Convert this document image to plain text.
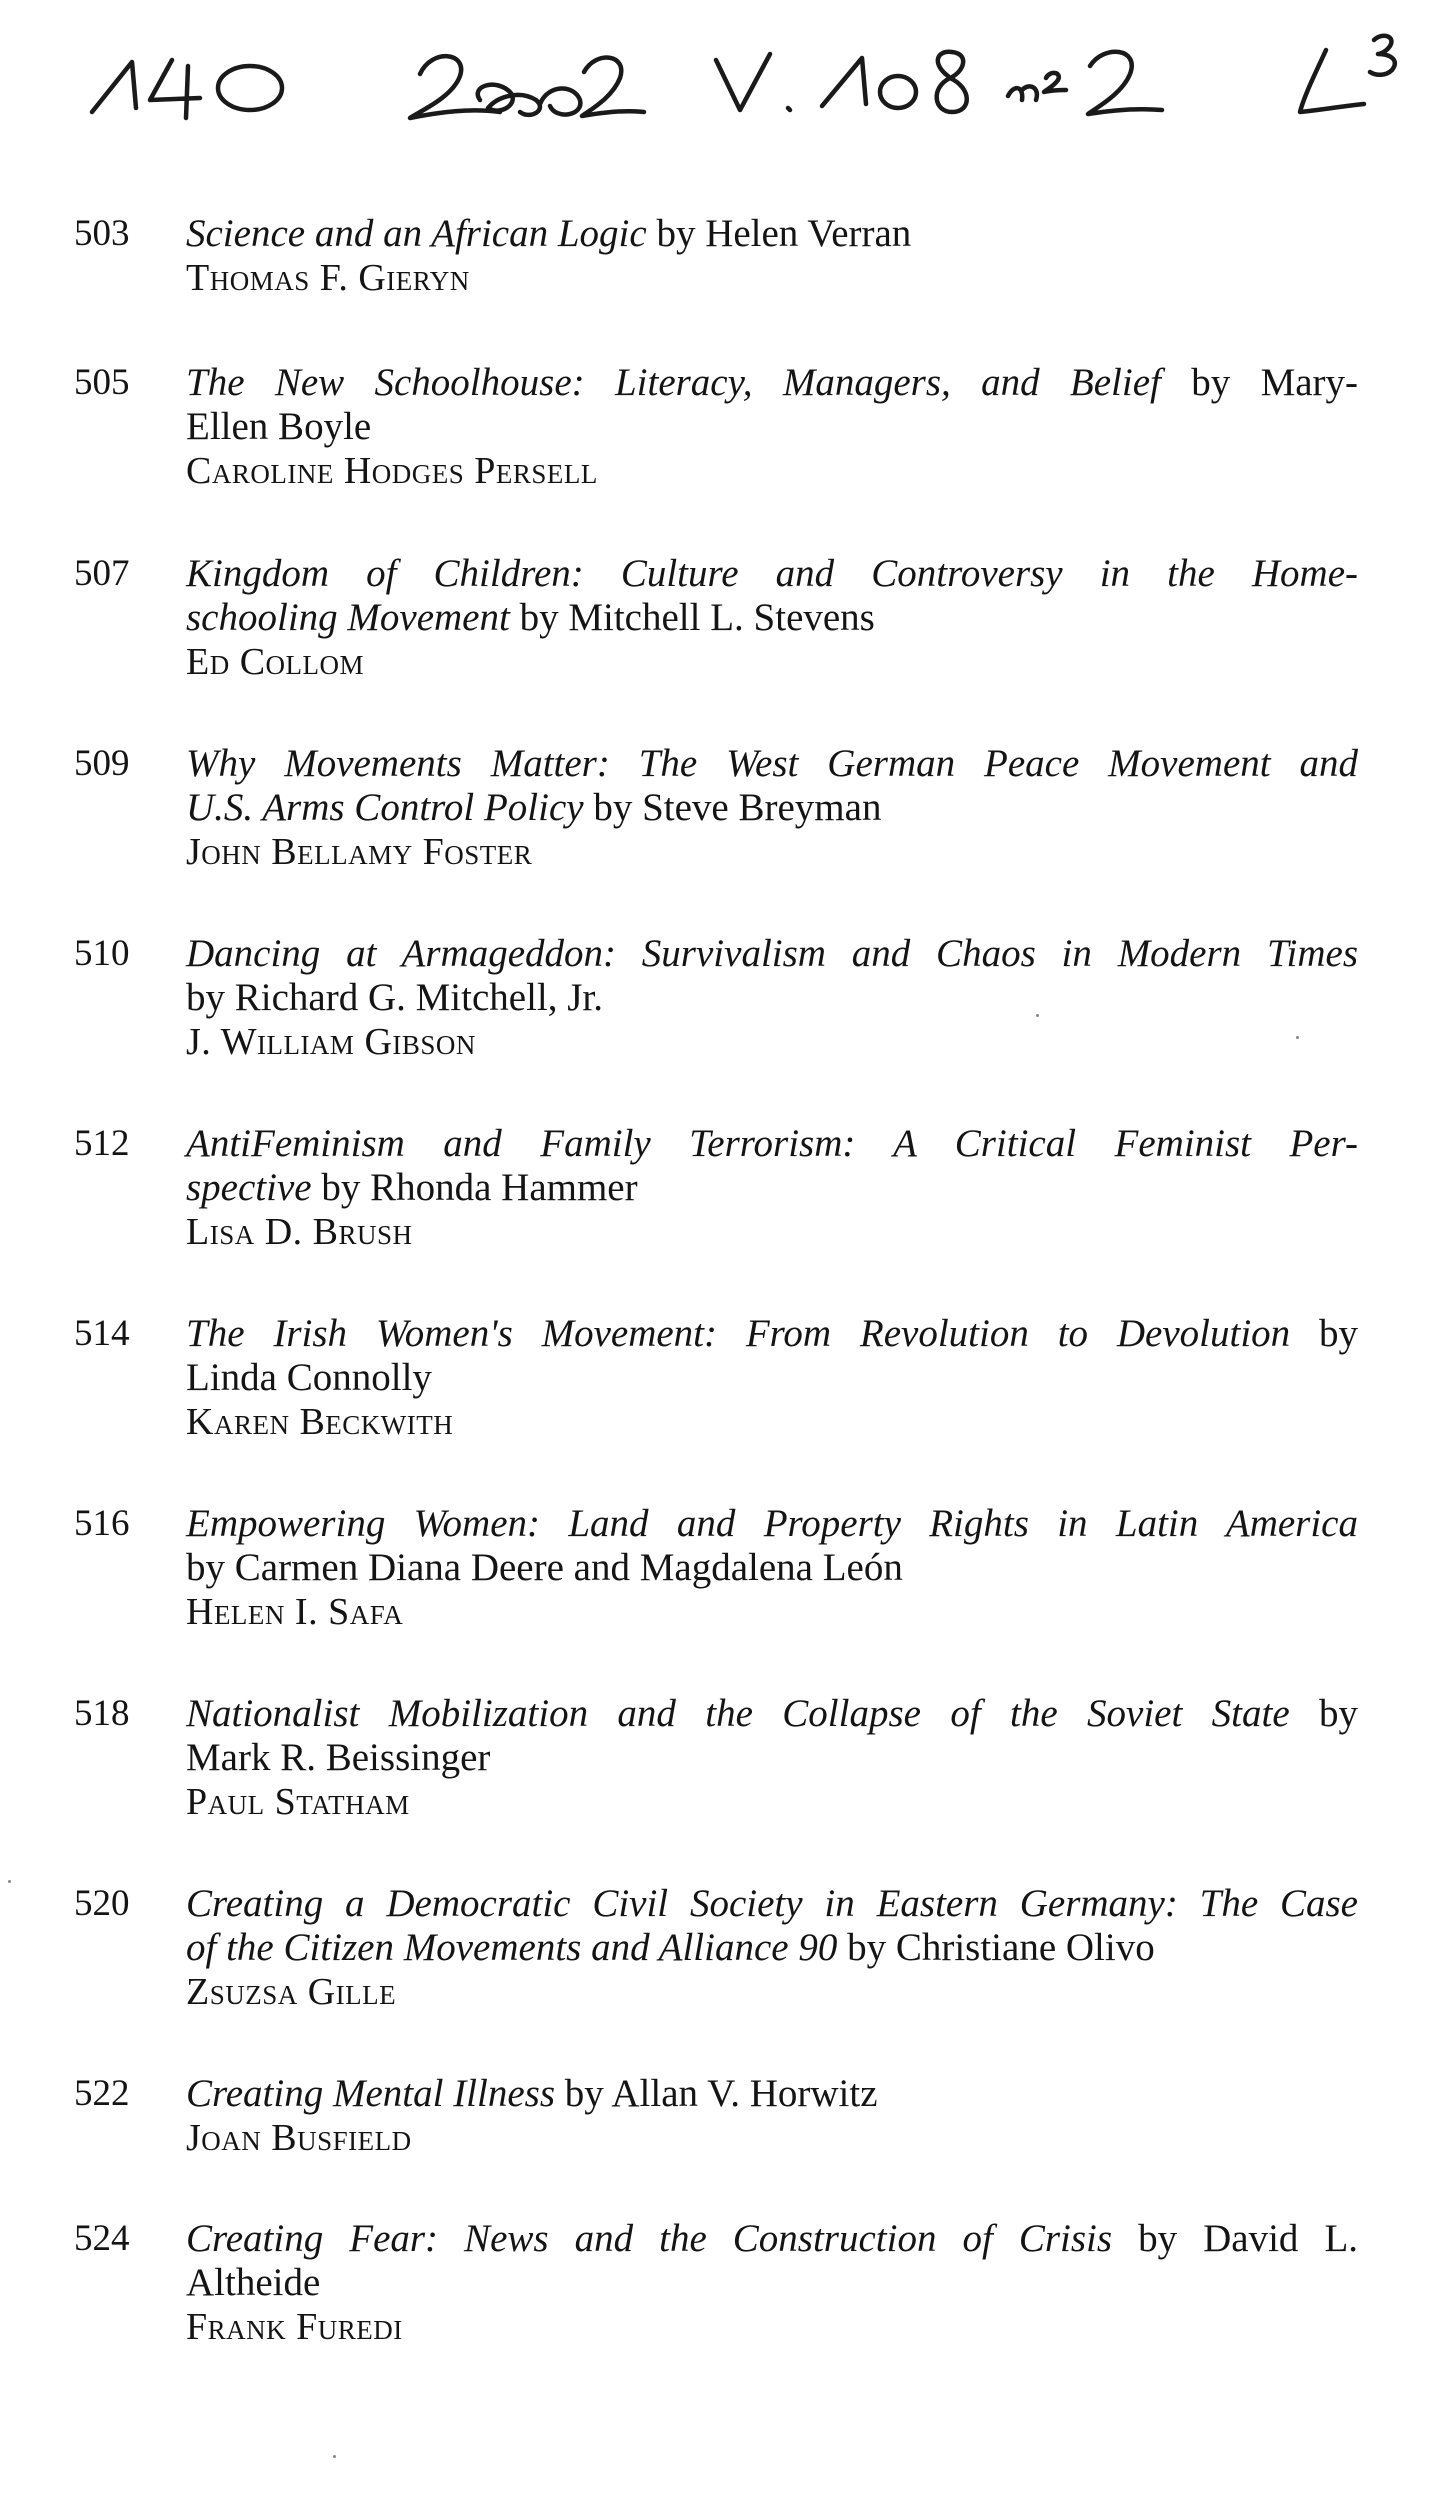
503	Science and an African Logic by Helen Verran
Thomas F. Gieryn
505	The New Schoolhouse: Literacy, Managers, and Belief by Mary-
Ellen Boyle
Caroline Hodges Persell
507	Kingdom of Children: Culture and Controversy in the Home-
schooling Movement by Mitchell L. Stevens
Ed Collom
509	Why Movements Matter: The West German Peace Movement and
U.S. Arms Control Policy by Steve Breyman
John Bellamy Foster
510	Dancing at Armageddon: Survivalism and Chaos in Modern Times
by Richard G. Mitchell, Jr.
J. William Gibson
512	AntiFeminism and Family Terrorism: A Critical Feminist Per-
spective by Rhonda Hammer
Lisa D. Brush
514	The Irish Women's Movement: From Revolution to Devolution by
Linda Connolly
Karen Beckwith
516	Empowering Women: Land and Property Rights in Latin America
by Carmen Diana Deere and Magdalena León
Helen I. Safa
518	Nationalist Mobilization and the Collapse of the Soviet State by
Mark R. Beissinger
Paul Statham
520	Creating a Democratic Civil Society in Eastern Germany: The Case
of the Citizen Movements and Alliance 90 by Christiane Olivo
Zsuzsa Gille
522	Creating Mental Illness by Allan V. Horwitz
Joan Busfield
524	Creating Fear: News and the Construction of Crisis by David L.
Altheide
Frank Furedi
